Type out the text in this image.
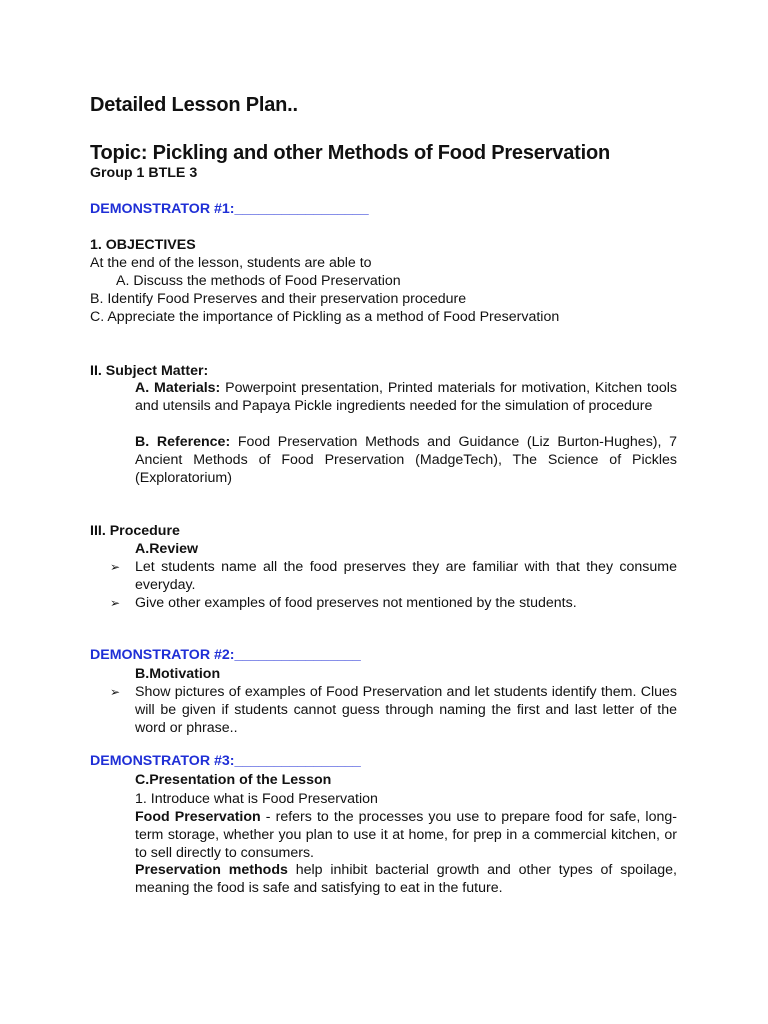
Detailed Lesson Plan..
Topic: Pickling and other Methods of Food Preservation
Group 1 BTLE 3
DEMONSTRATOR #1:_________________
1. OBJECTIVES
At the end of the lesson, students are able to
A. Discuss the methods of Food Preservation
B. Identify Food Preserves and their preservation procedure
C. Appreciate the importance of Pickling as a method of Food Preservation
II. Subject Matter:
A. Materials: Powerpoint presentation, Printed materials for motivation, Kitchen tools and utensils and Papaya Pickle ingredients needed for the simulation of procedure
B. Reference: Food Preservation Methods and Guidance (Liz Burton-Hughes), 7 Ancient Methods of Food Preservation (MadgeTech), The Science of Pickles (Exploratorium)
III. Procedure
A.Review
➢ Let students name all the food preserves they are familiar with that they consume everyday.
➢ Give other examples of food preserves not mentioned by the students.
DEMONSTRATOR #2:________________
B.Motivation
➢ Show pictures of examples of Food Preservation and let students identify them. Clues will be given if students cannot guess through naming the first and last letter of the word or phrase..
DEMONSTRATOR #3:________________
C.Presentation of the Lesson
1. Introduce what is Food Preservation
Food Preservation - refers to the processes you use to prepare food for safe, long-term storage, whether you plan to use it at home, for prep in a commercial kitchen, or to sell directly to consumers.
Preservation methods help inhibit bacterial growth and other types of spoilage, meaning the food is safe and satisfying to eat in the future.
